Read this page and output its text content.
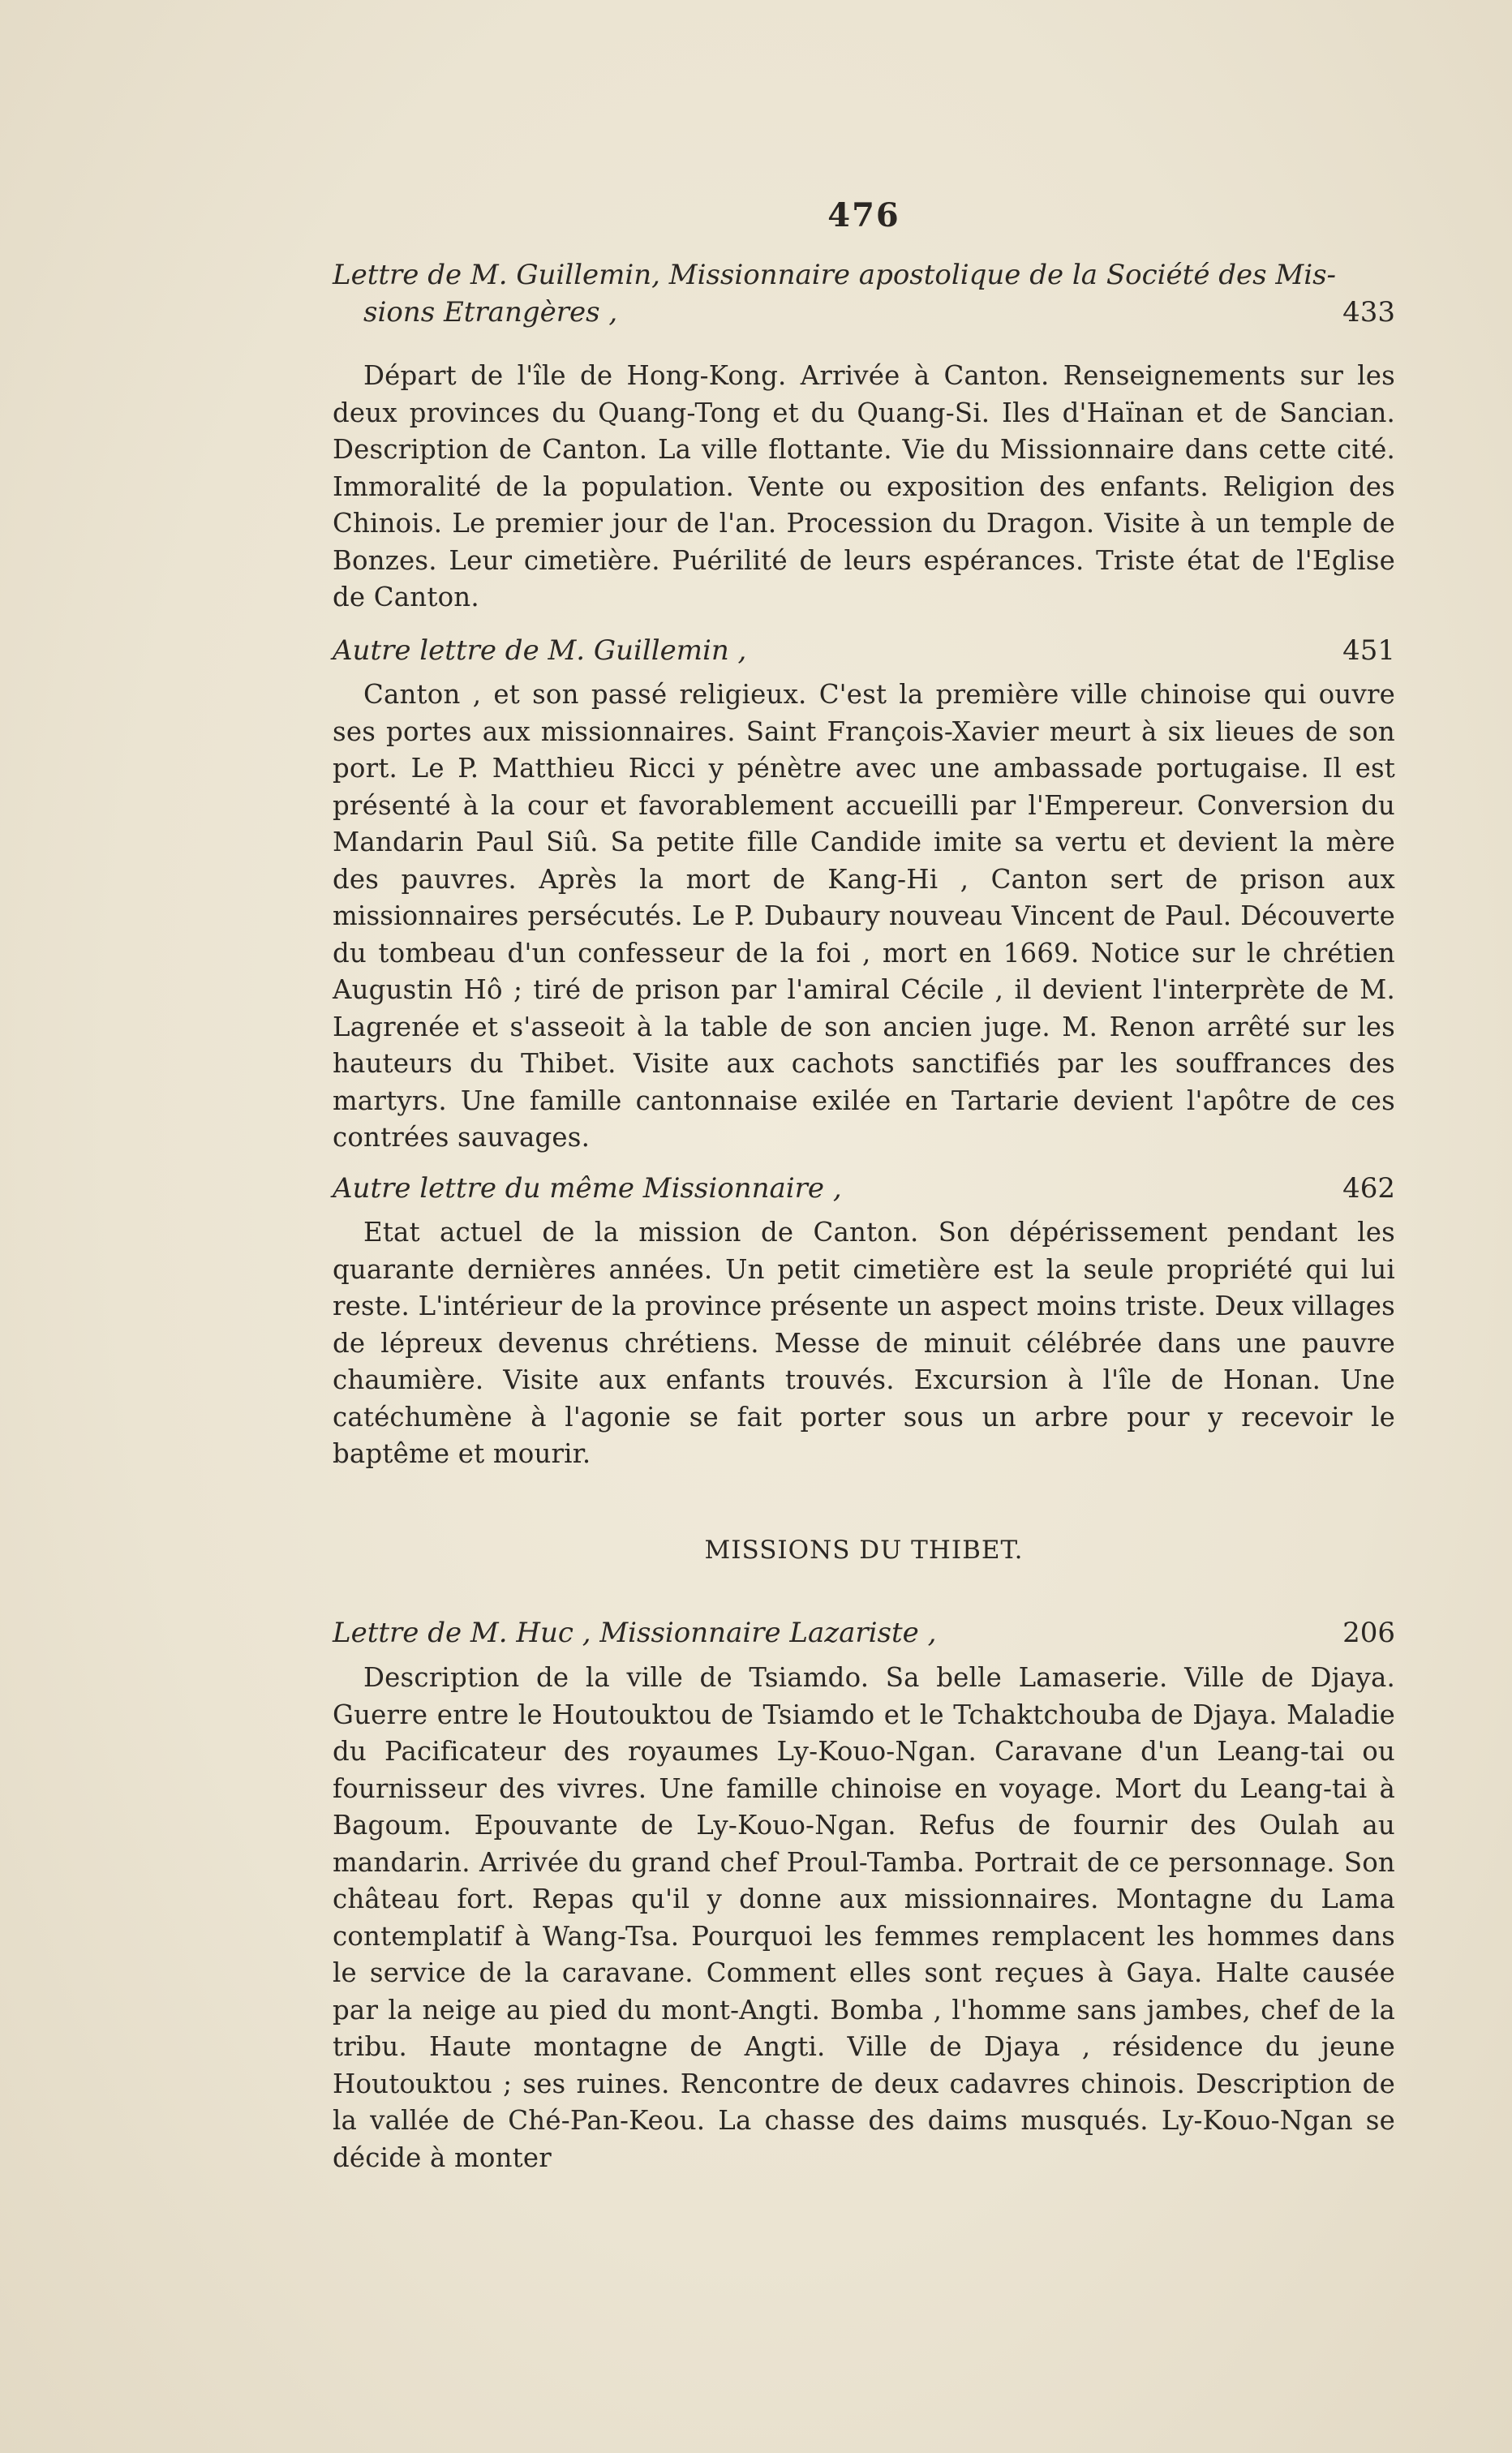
476

Lettre de M. Guillemin, Missionnaire apostolique de la Société des Mis-
sions Etrangères ,	433

Départ de l'île de Hong-Kong. Arrivée à Canton. Renseignements sur les deux provinces du Quang-Tong et du Quang-Si. Iles d'Haïnan et de Sancian. Description de Canton. La ville flottante. Vie du Missionnaire dans cette cité. Immoralité de la population. Vente ou exposition des enfants. Religion des Chinois. Le premier jour de l'an. Procession du Dragon. Visite à un temple de Bonzes. Leur cimetière. Puérilité de leurs espérances. Triste état de l'Eglise de Canton.

Autre lettre de M. Guillemin ,	451

Canton , et son passé religieux. C'est la première ville chinoise qui ouvre ses portes aux missionnaires. Saint François-Xavier meurt à six lieues de son port. Le P. Matthieu Ricci y pénètre avec une ambassade portugaise. Il est présenté à la cour et favorablement accueilli par l'Empereur. Conversion du Mandarin Paul Siû. Sa petite fille Candide imite sa vertu et devient la mère des pauvres. Après la mort de Kang-Hi , Canton sert de prison aux missionnaires persécutés. Le P. Dubaury nouveau Vincent de Paul. Découverte du tombeau d'un confesseur de la foi , mort en 1669. Notice sur le chrétien Augustin Hô ; tiré de prison par l'amiral Cécile , il devient l'interprète de M. Lagrenée et s'asseoit à la table de son ancien juge. M. Renon arrêté sur les hauteurs du Thibet. Visite aux cachots sanctifiés par les souffrances des martyrs. Une famille cantonnaise exilée en Tartarie devient l'apôtre de ces contrées sauvages.

Autre lettre du même Missionnaire ,	462

Etat actuel de la mission de Canton. Son dépérissement pendant les quarante dernières années. Un petit cimetière est la seule propriété qui lui reste. L'intérieur de la province présente un aspect moins triste. Deux villages de lépreux devenus chrétiens. Messe de minuit célébrée dans une pauvre chaumière. Visite aux enfants trouvés. Excursion à l'île de Honan. Une catéchumène à l'agonie se fait porter sous un arbre pour y recevoir le baptême et mourir.

MISSIONS DU THIBET.

Lettre de M. Huc , Missionnaire Lazariste ,	206

Description de la ville de Tsiamdo. Sa belle Lamaserie. Ville de Djaya. Guerre entre le Houtouktou de Tsiamdo et le Tchaktchouba de Djaya. Maladie du Pacificateur des royaumes Ly-Kouo-Ngan. Caravane d'un Leang-tai ou fournisseur des vivres. Une famille chinoise en voyage. Mort du Leang-tai à Bagoum. Epouvante de Ly-Kouo-Ngan. Refus de fournir des Oulah au mandarin. Arrivée du grand chef Proul-Tamba. Portrait de ce personnage. Son château fort. Repas qu'il y donne aux missionnaires. Montagne du Lama contemplatif à Wang-Tsa. Pourquoi les femmes remplacent les hommes dans le service de la caravane. Comment elles sont reçues à Gaya. Halte causée par la neige au pied du mont-Angti. Bomba , l'homme sans jambes, chef de la tribu. Haute montagne de Angti. Ville de Djaya , résidence du jeune Houtouktou ; ses ruines. Rencontre de deux cadavres chinois. Description de la vallée de Ché-Pan-Keou. La chasse des daims musqués. Ly-Kouo-Ngan se décide à monter
